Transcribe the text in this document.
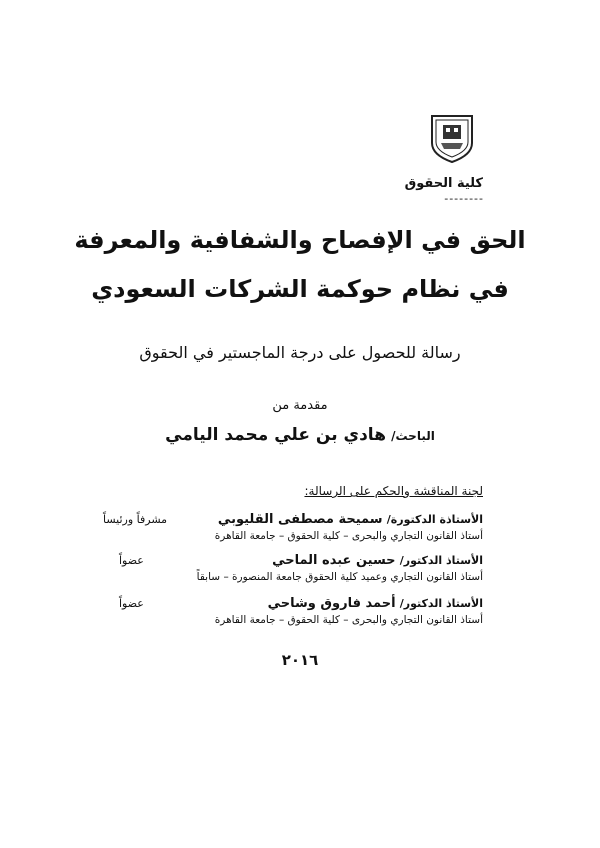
كلية الحقوق
--------
الحق في الإفصاح والشفافية والمعرفة
في نظام حوكمة الشركات السعودي
رسالة للحصول على درجة الماجستير في الحقوق
مقدمة من
الباحث/ هادي بن علي محمد اليامي
لجنة المناقشة والحكم على الرسالة:
الأستاذة الدكتورة/ سميحة مصطفى القليوبي
أستاذ القانون التجاري والبحرى – كلية الحقوق – جامعة القاهرة
مشرفاً ورئيساً
الأستاذ الدكتور/ حسين عبده الماحي
أستاذ القانون التجاري وعميد كلية الحقوق جامعة المنصورة – سابقاً
عضواً
الأستاذ الدكتور/ أحمد فاروق وشاحي
أستاذ القانون التجاري والبحرى – كلية الحقوق – جامعة القاهرة
عضواً
٢٠١٦
